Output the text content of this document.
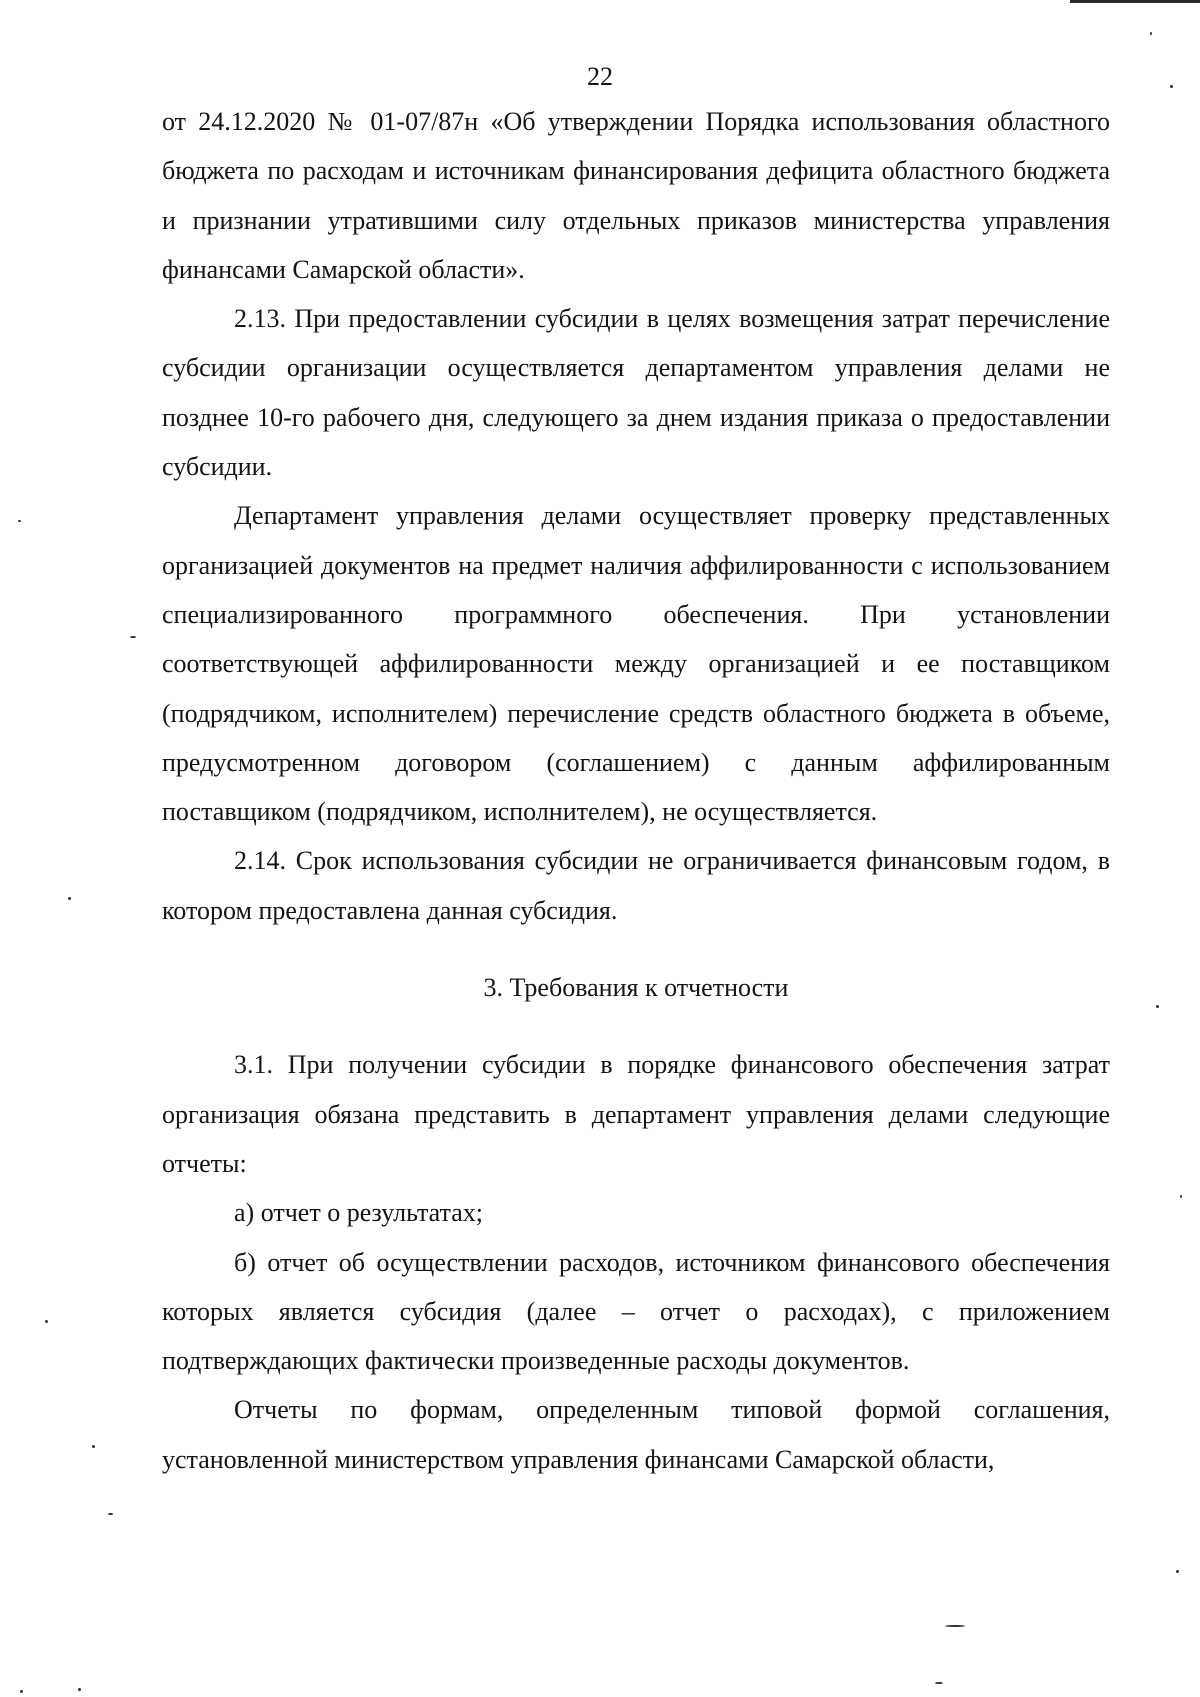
22

от 24.12.2020 № 01-07/87н «Об утверждении Порядка использования областного бюджета по расходам и источникам финансирования дефицита областного бюджета и признании утратившими силу отдельных приказов министерства управления финансами Самарской области».

2.13. При предоставлении субсидии в целях возмещения затрат перечисление субсидии организации осуществляется департаментом управления делами не позднее 10-го рабочего дня, следующего за днем издания приказа о предоставлении субсидии.

Департамент управления делами осуществляет проверку представленных организацией документов на предмет наличия аффилированности с использованием специализированного программного обеспечения. При установлении соответствующей аффилированности между организацией и ее поставщиком (подрядчиком, исполнителем) перечисление средств областного бюджета в объеме, предусмотренном договором (соглашением) с данным аффилированным поставщиком (подрядчиком, исполнителем), не осуществляется.

2.14. Срок использования субсидии не ограничивается финансовым годом, в котором предоставлена данная субсидия.

3. Требования к отчетности

3.1. При получении субсидии в порядке финансового обеспечения затрат организация обязана представить в департамент управления делами следующие отчеты:

а) отчет о результатах;

б) отчет об осуществлении расходов, источником финансового обеспечения которых является субсидия (далее – отчет о расходах), с приложением подтверждающих фактически произведенные расходы документов.

Отчеты по формам, определенным типовой формой соглашения, установленной министерством управления финансами Самарской области,
